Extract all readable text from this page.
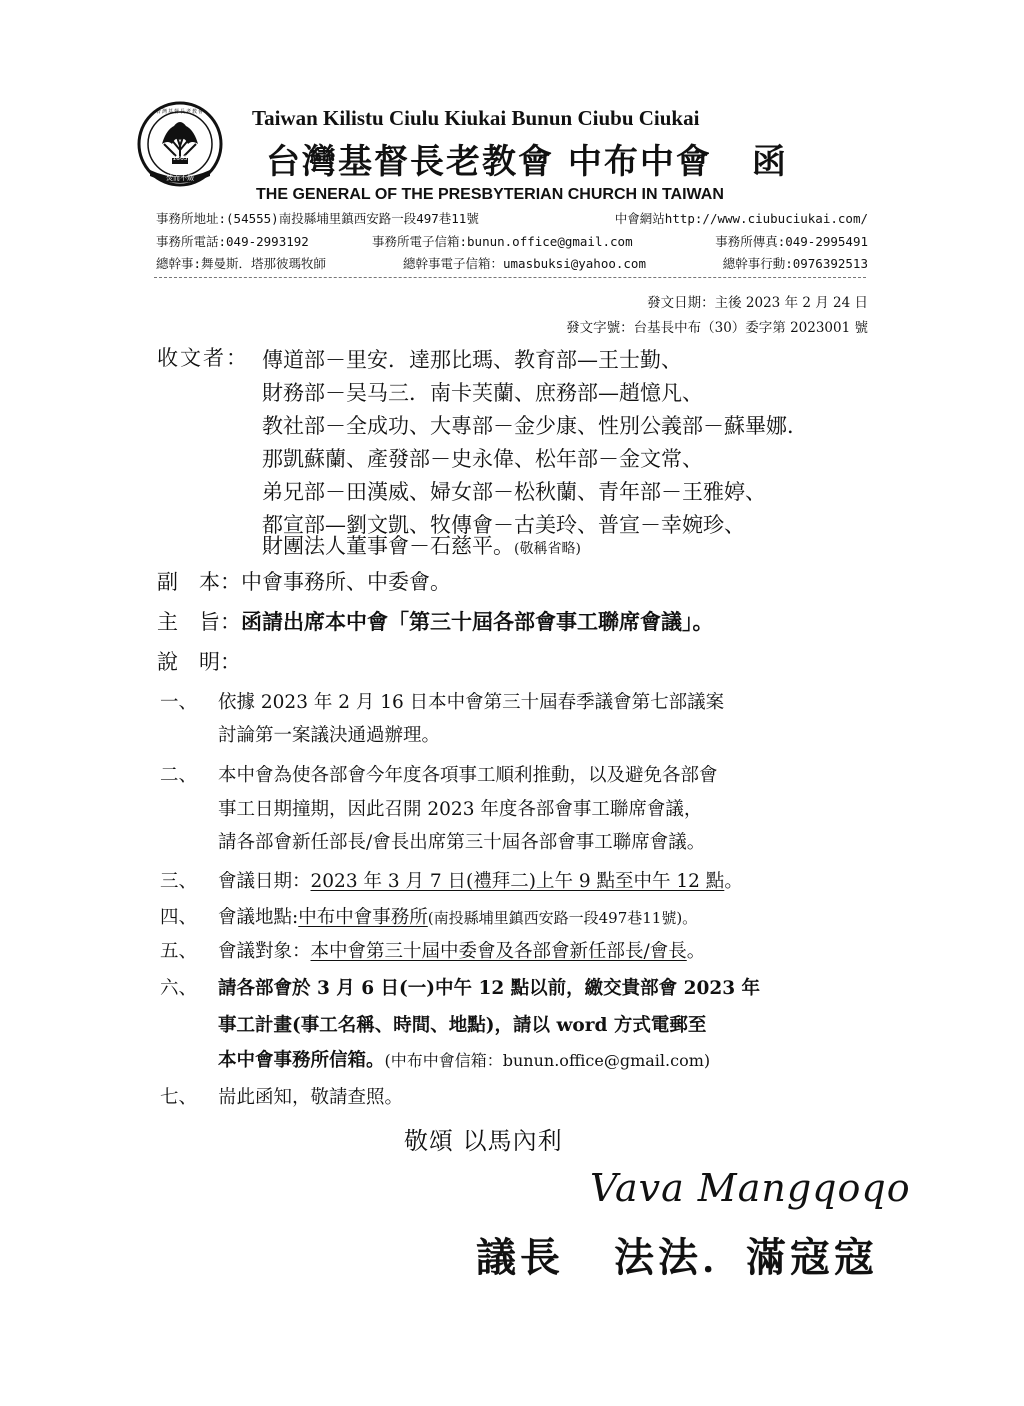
1865
焚而不燬
台灣基督長老教會 Taiwan Kilistu Ciulu Kiukai Bunun Ciubu Ciukai
台灣基督長老教會 中布中會 函
THE GENERAL OF THE PRESBYTERIAN CHURCH IN TAIWAN
事務所地址:(54555)南投縣埔里鎮西安路一段497巷11號	中會網站http://www.ciubuciukai.com/
事務所電話:049-2993192	事務所電子信箱:bunun.office@gmail.com	事務所傳真:049-2995491
總幹事:舞曼斯．塔那彼瑪牧師	總幹事電子信箱：umasbuksi@yahoo.com	總幹事行動:0976392513
發文日期：主後 2023 年 2 月 24 日
發文字號：台基長中布（30）委字第 2023001 號
收文者： 傳道部－里安．達那比瑪、教育部—王士勤、
財務部－吴马三．南卡芙蘭、庶務部—趙憶凡、
教社部－全成功、大專部－金少康、性別公義部－蘇畢娜．
那凱蘇蘭、產發部－史永偉、松年部－金文常、
弟兄部－田漢威、婦女部－松秋蘭、青年部－王雅婷、
都宣部—劉文凱、牧傳會－古美玲、普宣－幸婉珍、
財團法人董事會－石慈平。(敬稱省略)
副　本：中會事務所、中委會。
主　旨：函請出席本中會「第三十屆各部會事工聯席會議」。
說　明：
一、 依據 2023 年 2 月 16 日本中會第三十屆春季議會第七部議案
討論第一案議決通過辦理。
二、 本中會為使各部會今年度各項事工順利推動，以及避免各部會
事工日期撞期，因此召開 2023 年度各部會事工聯席會議，
請各部會新任部長/會長出席第三十屆各部會事工聯席會議。
三、 會議日期：2023 年 3 月 7 日(禮拜二)上午 9 點至中午 12 點。
四、 會議地點:中布中會事務所(南投縣埔里鎮西安路一段497巷11號)。
五、 會議對象：本中會第三十屆中委會及各部會新任部長/會長。
六、 請各部會於 3 月 6 日(一)中午 12 點以前，繳交貴部會 2023 年
事工計畫(事工名稱、時間、地點)，請以 word 方式電郵至
本中會事務所信箱。(中布中會信箱：bunun.office@gmail.com)
七、 耑此函知，敬請查照。
敬頌 以馬內利
Vava Mangqoqo
議長 法法．滿寇寇
